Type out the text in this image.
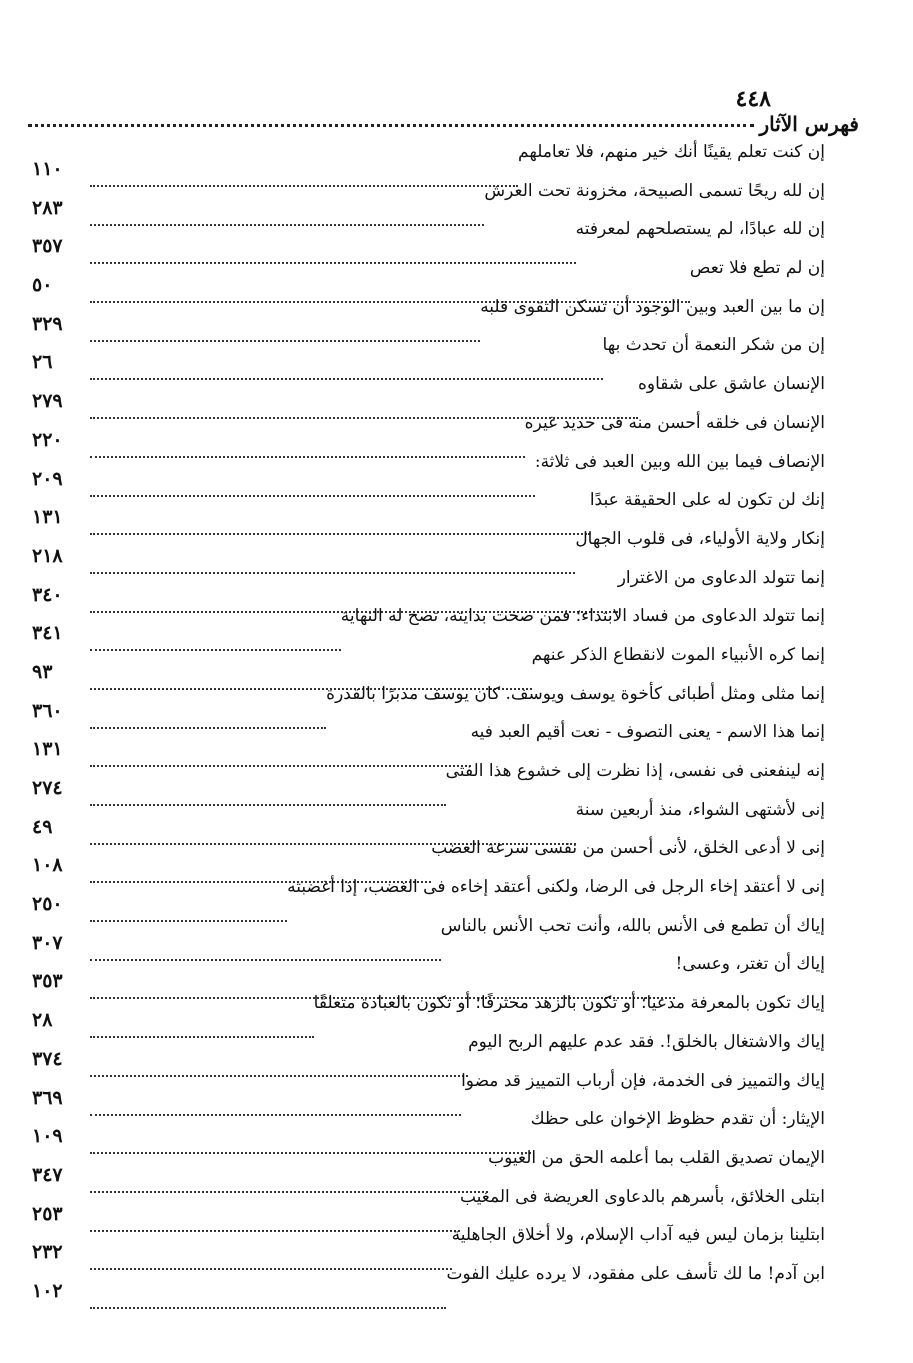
٤٤٨
فهرس الآثار
إن كنت تعلم يقينًا أنك خير منهم، فلا تعاملهم
١١٠
إن لله ريحًا تسمى الصبيحة، مخزونة تحت العرش
٢٨٣
إن لله عبادًا، لم يستصلحهم لمعرفته
٣٥٧
إن لم تطع فلا تعص
٥٠
إن ما بين العبد وبين الوجود أن تسكن التقوى قلبه
٣٢٩
إن من شكر النعمة أن تحدث بها
٢٦
الإنسان عاشق على شقاوه
٢٧٩
الإنسان فى خلقه أحسن منه فى حديد غيره
٢٢٠
الإنصاف فيما بين الله وبين العبد فى ثلاثة:
٢٠٩
إنك لن تكون له على الحقيقة عبدًا
١٣١
إنكار ولاية الأولياء، فى قلوب الجهال
٢١٨
إنما تتولد الدعاوى من الاغترار
٣٤٠
إنما تتولد الدعاوى من فساد الابتداء؛ فمن صحت بدايته، تصح له النهاية
٣٤١
إنما كره الأنبياء الموت لانقطاع الذكر عنهم
٩٣
إنما مثلى ومثل أطبائى كأخوة يوسف ويوسف. كان يوسف مدبرًا بالقدرة
٣٦٠
إنما هذا الاسم - يعنى التصوف - نعت أقيم العبد فيه
١٣١
إنه لينفعنى فى نفسى، إذا نظرت إلى خشوع هذا الفتى
٢٧٤
إنى لأشتهى الشواء، منذ أربعين سنة
٤٩
إنى لا أدعى الخلق، لأنى أحسن من نفسى سرعة الغضب
١٠٨
إنى لا أعتقد إخاء الرجل فى الرضا، ولكنى أعتقد إخاءه فى الغضب، إذا أغضبته
٢٥٠
إياك أن تطمع فى الأنس بالله، وأنت تحب الأنس بالناس
٣٠٧
إياك أن تغتر، وعسى!
٣٥٣
إياك تكون بالمعرفة مدعيا؛ أو تكون بالزهد محترفًا؛ أو تكون بالعبادة متعلقًا
٢٨
إياك والاشتغال بالخلق!. فقد عدم عليهم الربح اليوم
٣٧٤
إياك والتمييز فى الخدمة، فإن أرباب التمييز قد مضوا
٣٦٩
الإيثار: أن تقدم حظوظ الإخوان على حظك
١٠٩
الإيمان تصديق القلب بما أعلمه الحق من الغيوب
٣٤٧
ابتلى الخلائق، بأسرهم بالدعاوى العريضة فى المغيب
٢٥٣
ابتلينا بزمان ليس فيه آداب الإسلام، ولا أخلاق الجاهلية
٢٣٢
ابن آدم! ما لك تأسف على مفقود، لا يرده عليك الفوت
١٠٢
